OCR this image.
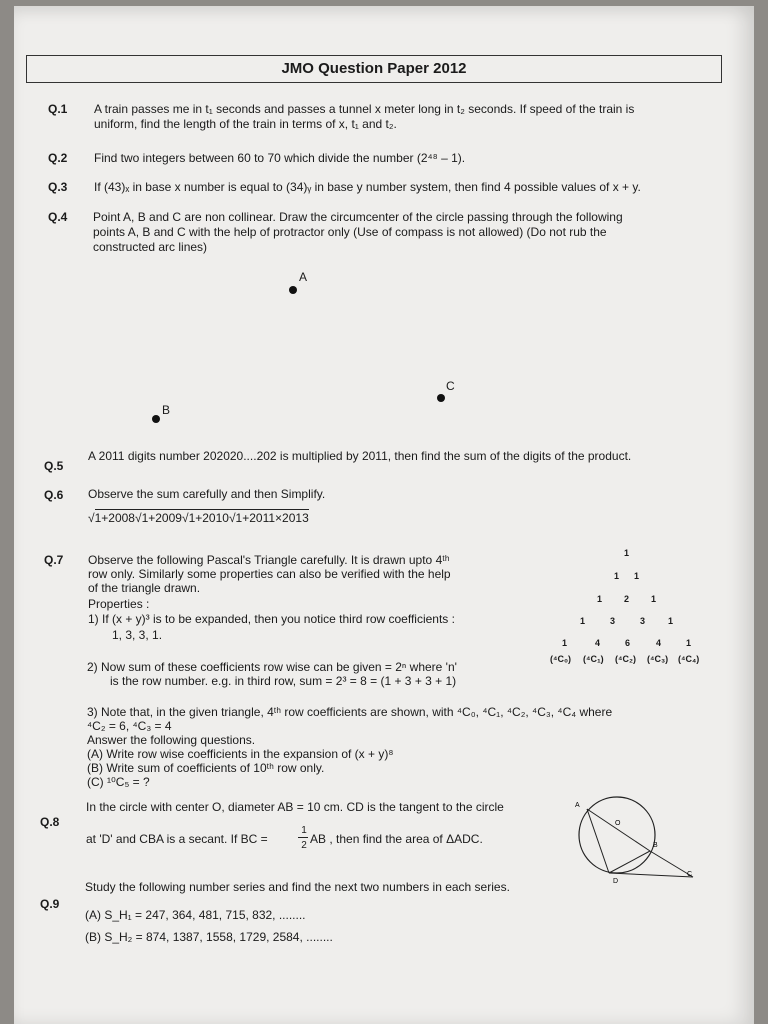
JMO Question Paper 2012
Q.1 A train passes me in t₁ seconds and passes a tunnel x meter long in t₂ seconds. If speed of the train is
uniform, find the length of the train in terms of x, t₁ and t₂.
Q.2 Find two integers between 60 to 70 which divide the number (2⁴⁸ – 1).
Q.3 If (43)ₓ in base x number is equal to (34)ᵧ in base y number system, then find 4 possible values of x + y.
Q.4 Point A, B and C are non collinear. Draw the circumcenter of the circle passing through the following
points A, B and C with the help of protractor only (Use of compass is not allowed) (Do not rub the
constructed arc lines)
A
C
B
Q.5
A 2011 digits number 202020....202 is multiplied by 2011, then find the sum of the digits of the product.
Q.6 Observe the sum carefully and then Simplify.
√1+2008√1+2009√1+2010√1+2011×2013
Q.7 Observe the following Pascal's Triangle carefully. It is drawn upto 4ᵗʰ
row only. Similarly some properties can also be verified with the help
of the triangle drawn.
Properties :
1) If (x + y)³ is to be expanded, then you notice third row coefficients :
1, 3, 3, 1.
2) Now sum of these coefficients row wise can be given = 2ⁿ where 'n'
is the row number. e.g. in third row, sum = 2³ = 8 = (1 + 3 + 3 + 1)
3) Note that, in the given triangle, 4ᵗʰ row coefficients are shown, with ⁴C₀, ⁴C₁, ⁴C₂, ⁴C₃, ⁴C₄ where
⁴C₂ = 6, ⁴C₃ = 4
Answer the following questions.
(A) Write row wise coefficients in the expansion of (x + y)⁸
(B) Write sum of coefficients of 10ᵗʰ row only.
(C) ¹⁰C₅ = ?
1
1 1
1 2 1
1	3	3	1
1	4	6	4	1
(⁴C₀) (⁴C₁) (⁴C₂) (⁴C₃) (⁴C₄)
Q.8
In the circle with center O, diameter AB = 10 cm. CD is the tangent to the circle
at 'D' and CBA is a secant. If BC =
1
2 AB , then find the area of ΔADC.
A
O
B
D
C
Q.9
Study the following number series and find the next two numbers in each series.
(A) S_H₁ = 247, 364, 481, 715, 832, ........
(B) S_H₂ = 874, 1387, 1558, 1729, 2584, ........
